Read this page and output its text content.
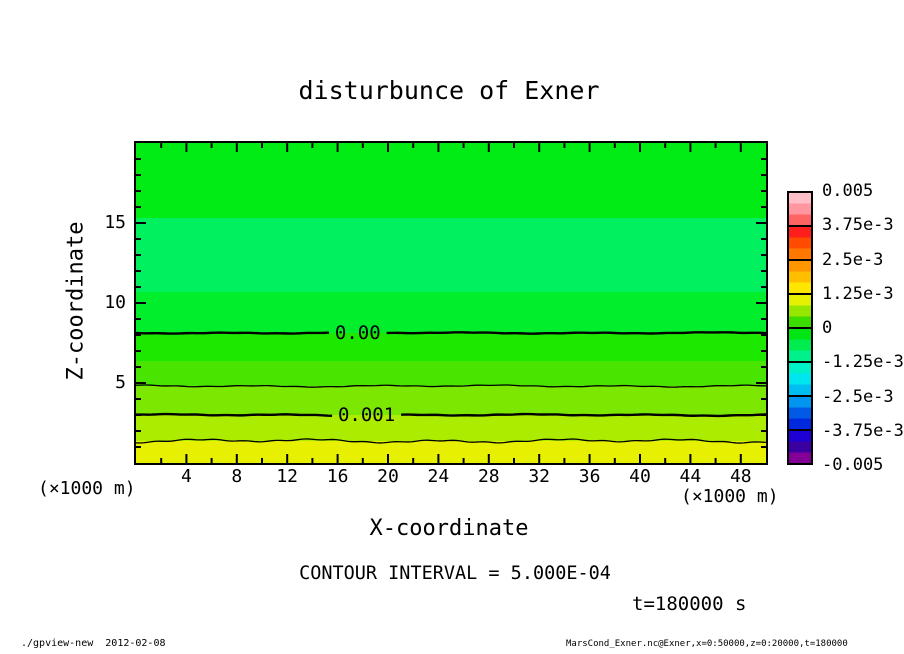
disturbunce of Exner
Z-coordinate	0.00
0.001
5
10
15
4	8	12	16	20	24	28	32	36	40	44	48
(×1000 m)	(×1000 m)
X-coordinate
CONTOUR INTERVAL = 5.000E-04
t=180000 s
0.005
3.75e-3
2.5e-3
1.25e-3
0
-1.25e-3
-2.5e-3
-3.75e-3
-0.005
./gpview-new  2012-02-08	MarsCond_Exner.nc@Exner,x=0:50000,z=0:20000,t=180000
